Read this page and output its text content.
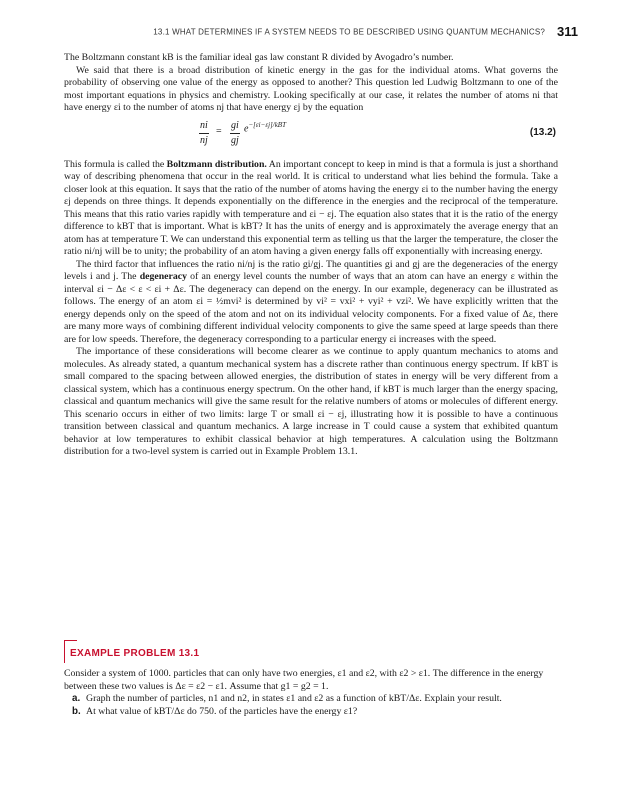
13.1 WHAT DETERMINES IF A SYSTEM NEEDS TO BE DESCRIBED USING QUANTUM MECHANICS? 311

The Boltzmann constant kB is the familiar ideal gas law constant R divided by Avogadro’s number.

We said that there is a broad distribution of kinetic energy in the gas for the individual atoms. What governs the probability of observing one value of the energy as opposed to another? This question led Ludwig Boltzmann to one of the most important equations in physics and chemistry. Looking specifically at our case, it relates the number of atoms ni that have energy εi to the number of atoms nj that have energy εj by the equation

ni
nj
=
gi
gj
$e^{-[\varepsilon i-\varepsilon j]/kBT}$
(13.2)

This formula is called the Boltzmann distribution. An important concept to keep in mind is that a formula is just a shorthand way of describing phenomena that occur in the real world. It is critical to understand what lies behind the formula. Take a closer look at this equation. It says that the ratio of the number of atoms having the energy εi to the number having the energy εj depends on three things. It depends exponentially on the difference in the energies and the reciprocal of the temperature. This means that this ratio varies rapidly with temperature and εi − εj. The equation also states that it is the ratio of the energy difference to kBT that is important. What is kBT? It has the units of energy and is approximately the average energy that an atom has at temperature T. We can understand this exponential term as telling us that the larger the temperature, the closer the ratio ni/nj will be to unity; the probability of an atom having a given energy falls off exponentially with increasing energy.

The third factor that influences the ratio ni/nj is the ratio gi/gj. The quantities gi and gj are the degeneracies of the energy levels i and j. The degeneracy of an energy level counts the number of ways that an atom can have an energy ε within the interval εi − Δε < ε < εi + Δε. The degeneracy can depend on the energy. In our example, degeneracy can be illustrated as follows. The energy of an atom εi = ½mvi² is determined by vi² = vxi² + vyi² + vzi². We have explicitly written that the energy depends only on the speed of the atom and not on its individual velocity components. For a fixed value of Δε, there are many more ways of combining different individual velocity components to give the same speed at large speeds than there are for low speeds. Therefore, the degeneracy corresponding to a particular energy εi increases with the speed.

The importance of these considerations will become clearer as we continue to apply quantum mechanics to atoms and molecules. As already stated, a quantum mechanical system has a discrete rather than continuous energy spectrum. If kBT is small compared to the spacing between allowed energies, the distribution of states in energy will be very different from a classical system, which has a continuous energy spectrum. On the other hand, if kBT is much larger than the energy spacing, classical and quantum mechanics will give the same result for the relative numbers of atoms or molecules of different energy. This scenario occurs in either of two limits: large T or small εi − εj, illustrating how it is possible to have a continuous transition between classical and quantum mechanics. A large increase in T could cause a system that exhibited quantum behavior at low temperatures to exhibit classical behavior at high temperatures. A calculation using the Boltzmann distribution for a two-level system is carried out in Example Problem 13.1.

EXAMPLE PROBLEM 13.1

Consider a system of 1000. particles that can only have two energies, ε1 and ε2, with ε2 > ε1. The difference in the energy between these two values is Δε = ε2 − ε1. Assume that g1 = g2 = 1.

a. Graph the number of particles, n1 and n2, in states ε1 and ε2 as a function of kBT/Δε. Explain your result.

b. At what value of kBT/Δε do 750. of the particles have the energy ε1?
